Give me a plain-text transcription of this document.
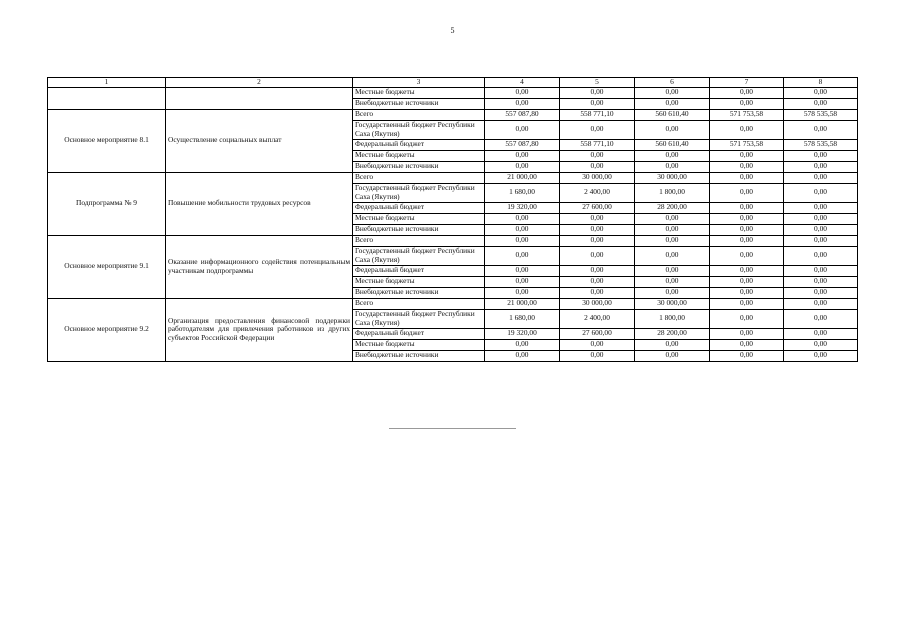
5
1	2	3	4	5	6	7	8
		Местные бюджеты	0,00	0,00	0,00	0,00	0,00
		Внебюджетные источники	0,00	0,00	0,00	0,00	0,00
Основное мероприятие 8.1	Осуществление социальных выплат	Всего	557 087,80	558 771,10	560 610,40	571 753,58	578 535,58
		Государственный бюджет Республики Саха (Якутия)	0,00	0,00	0,00	0,00	0,00
		Федеральный бюджет	557 087,80	558 771,10	560 610,40	571 753,58	578 535,58
		Местные бюджеты	0,00	0,00	0,00	0,00	0,00
		Внебюджетные источники	0,00	0,00	0,00	0,00	0,00
Подпрограмма № 9	Повышение мобильности трудовых ресурсов	Всего	21 000,00	30 000,00	30 000,00	0,00	0,00
		Государственный бюджет Республики Саха (Якутия)	1 680,00	2 400,00	1 800,00	0,00	0,00
		Федеральный бюджет	19 320,00	27 600,00	28 200,00	0,00	0,00
		Местные бюджеты	0,00	0,00	0,00	0,00	0,00
		Внебюджетные источники	0,00	0,00	0,00	0,00	0,00
Основное мероприятие 9.1	Оказание информационного содействия потенциальным участникам подпрограммы	Всего	0,00	0,00	0,00	0,00	0,00
		Государственный бюджет Республики Саха (Якутия)	0,00	0,00	0,00	0,00	0,00
		Федеральный бюджет	0,00	0,00	0,00	0,00	0,00
		Местные бюджеты	0,00	0,00	0,00	0,00	0,00
		Внебюджетные источники	0,00	0,00	0,00	0,00	0,00
Основное мероприятие 9.2	Организация предоставления финансовой поддержки работодателям для привлечения работников из других субъектов Российской Федерации	Всего	21 000,00	30 000,00	30 000,00	0,00	0,00
		Государственный бюджет Республики Саха (Якутия)	1 680,00	2 400,00	1 800,00	0,00	0,00
		Федеральный бюджет	19 320,00	27 600,00	28 200,00	0,00	0,00
		Местные бюджеты	0,00	0,00	0,00	0,00	0,00
		Внебюджетные источники	0,00	0,00	0,00	0,00	0,00
